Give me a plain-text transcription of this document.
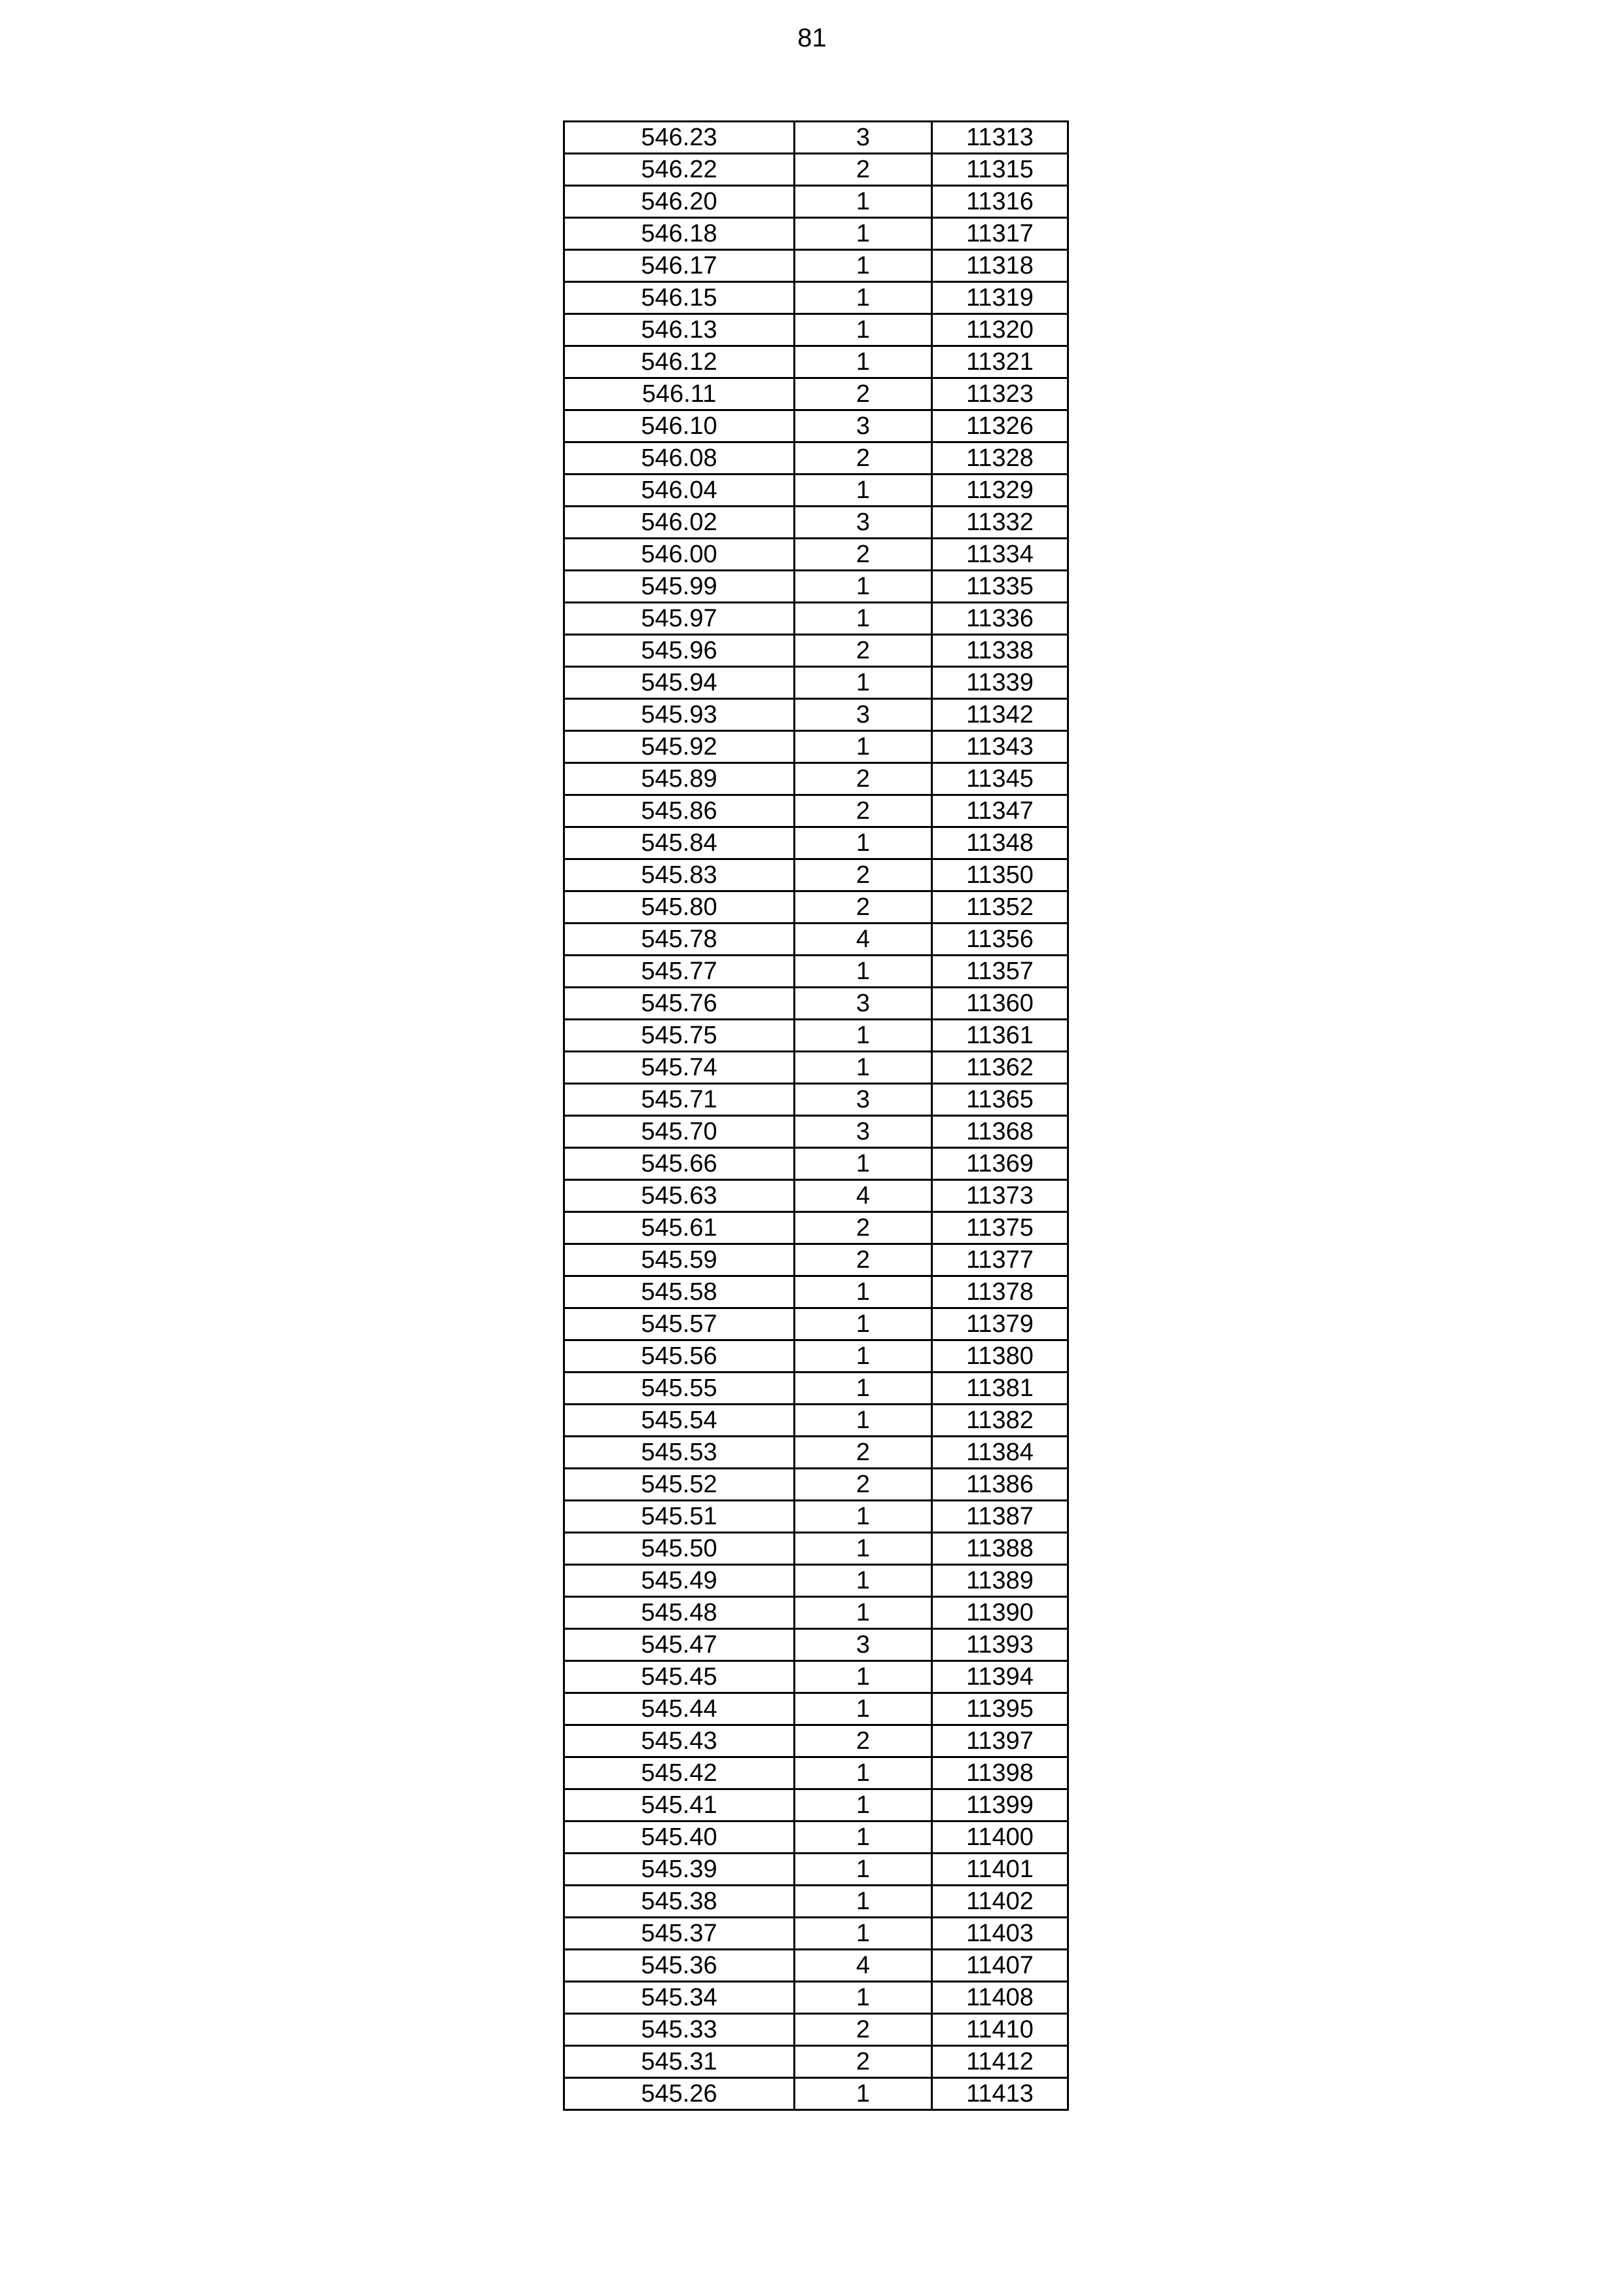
81
546.23	3	11313
546.22	2	11315
546.20	1	11316
546.18	1	11317
546.17	1	11318
546.15	1	11319
546.13	1	11320
546.12	1	11321
546.11	2	11323
546.10	3	11326
546.08	2	11328
546.04	1	11329
546.02	3	11332
546.00	2	11334
545.99	1	11335
545.97	1	11336
545.96	2	11338
545.94	1	11339
545.93	3	11342
545.92	1	11343
545.89	2	11345
545.86	2	11347
545.84	1	11348
545.83	2	11350
545.80	2	11352
545.78	4	11356
545.77	1	11357
545.76	3	11360
545.75	1	11361
545.74	1	11362
545.71	3	11365
545.70	3	11368
545.66	1	11369
545.63	4	11373
545.61	2	11375
545.59	2	11377
545.58	1	11378
545.57	1	11379
545.56	1	11380
545.55	1	11381
545.54	1	11382
545.53	2	11384
545.52	2	11386
545.51	1	11387
545.50	1	11388
545.49	1	11389
545.48	1	11390
545.47	3	11393
545.45	1	11394
545.44	1	11395
545.43	2	11397
545.42	1	11398
545.41	1	11399
545.40	1	11400
545.39	1	11401
545.38	1	11402
545.37	1	11403
545.36	4	11407
545.34	1	11408
545.33	2	11410
545.31	2	11412
545.26	1	11413
